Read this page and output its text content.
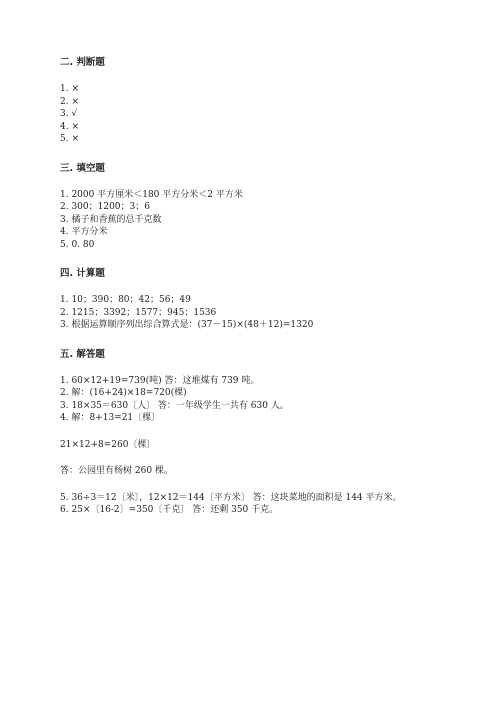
二. 判断题
1. ×
2. ×
3. √
4. ×
5. ×
三. 填空题
1. 2000 平方厘米＜180 平方分米＜2 平方米
2. 300；1200；3；6
3. 橘子和香蕉的总千克数
4. 平方分米
5. 0. 80
四. 计算题
1. 10；390；80；42；56；49
2. 1215；3392；1577；945；1536
3. 根据运算顺序列出综合算式是：(37－15)×(48＋12)=1320
五. 解答题
1. 60×12+19=739(吨) 答：这堆煤有 739 吨。
2. 解：(16+24)×18=720(棵)
3. 18×35＝630〔人〕 答：一年级学生一共有 630 人。
4. 解：8+13=21〔棵〕
21×12+8=260〔棵〕
答：公园里有杨树 260 棵。
5. 36÷3＝12〔米〕，12×12＝144〔平方米〕 答：这块菜地的面积是 144 平方米。
6. 25×〔16-2〕=350〔千克〕 答：还剩 350 千克。
